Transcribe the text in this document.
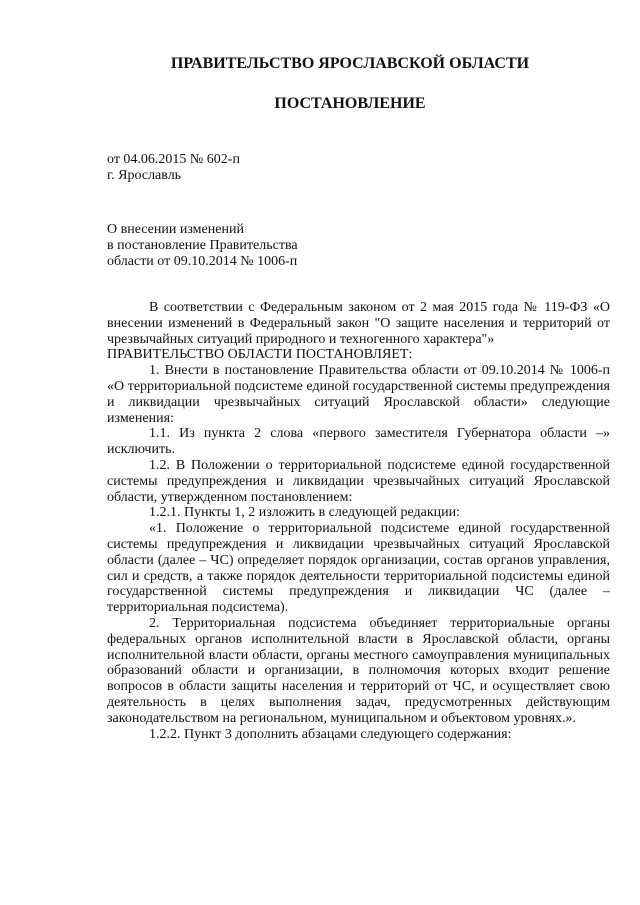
ПРАВИТЕЛЬСТВО ЯРОСЛАВСКОЙ ОБЛАСТИ
ПОСТАНОВЛЕНИЕ
от 04.06.2015 № 602-п
г. Ярославль
О внесении изменений
в постановление Правительства
области от 09.10.2014 № 1006-п

В соответствии с Федеральным законом от 2 мая 2015 года № 119-ФЗ «О внесении изменений в Федеральный закон "О защите населения и территорий от чрезвычайных ситуаций природного и техногенного характера"»

ПРАВИТЕЛЬСТВО ОБЛАСТИ ПОСТАНОВЛЯЕТ:

1. Внести в постановление Правительства области от 09.10.2014 № 1006-п «О территориальной подсистеме единой государственной системы предупреждения и ликвидации чрезвычайных ситуаций Ярославской области» следующие изменения:

1.1. Из пункта 2 слова «первого заместителя Губернатора области –» исключить.

1.2. В Положении о территориальной подсистеме единой государственной системы предупреждения и ликвидации чрезвычайных ситуаций Ярославской области, утвержденном постановлением:

1.2.1. Пункты 1, 2 изложить в следующей редакции:

«1. Положение о территориальной подсистеме единой государственной системы предупреждения и ликвидации чрезвычайных ситуаций Ярославской области (далее – ЧС) определяет порядок организации, состав органов управления, сил и средств, а также порядок деятельности территориальной подсистемы единой государственной системы предупреждения и ликвидации ЧС (далее – территориальная подсистема).

2. Территориальная подсистема объединяет территориальные органы федеральных органов исполнительной власти в Ярославской области, органы исполнительной власти области, органы местного самоуправления муниципальных образований области и организации, в полномочия которых входит решение вопросов в области защиты населения и территорий от ЧС, и осуществляет свою деятельность в целях выполнения задач, предусмотренных действующим законодательством на региональном, муниципальном и объектовом уровнях.».

1.2.2. Пункт 3 дополнить абзацами следующего содержания:
